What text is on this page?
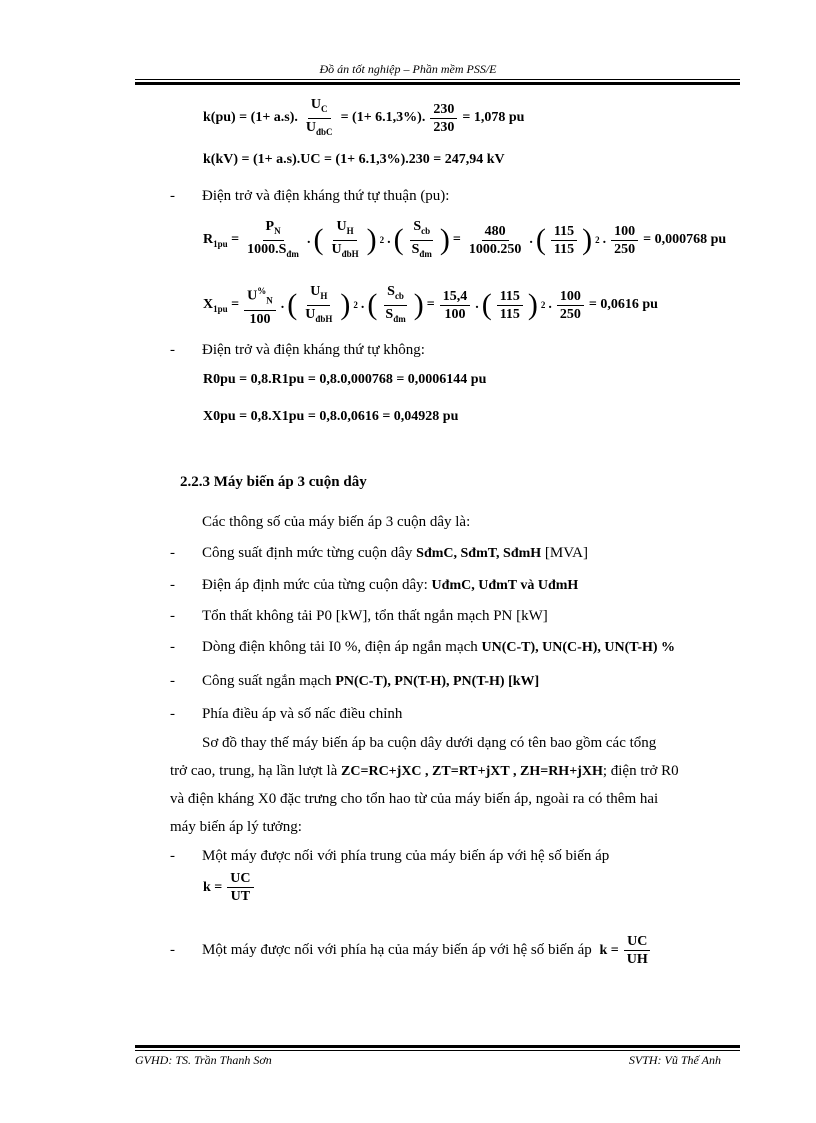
Đồ án tốt nghiệp – Phần mềm PSS/E
k(pu) = (1+ a.s). $\frac{U_C}{U_{đbC}} = (1+ 6.1,3\%)$. $\frac{230}{230} = 1,078$ pu
k(kV) = (1+ a.s).UC = (1+ 6.1,3%).230 = 247,94 kV
- Điện trở và điện kháng thứ tự thuận (pu):
$R_{1pu} = \frac{P_N}{1000.S_{đm}}$ . ( $\frac{U_H}{U_{đbH}}$ ) 2 . ( $\frac{S_{cb}}{S_{đm}}$ ) = $\frac{480}{1000.250}$ . ( $\frac{115}{115}$ ) 2 . $\frac{100}{250} = 0,000768$ pu
$X_{1pu} = \frac{U^{\%}_N}{100}$ . ( $\frac{U_H}{U_{đbH}}$ ) 2 . ( $\frac{S_{cb}}{S_{đm}}$ ) = $\frac{15,4}{100}$ . ( $\frac{115}{115}$ ) 2 . $\frac{100}{250} = 0,0616$ pu
- Điện trở và điện kháng thứ tự không:
R0pu = 0,8.R1pu = 0,8.0,000768 = 0,0006144 pu
X0pu = 0,8.X1pu = 0,8.0,0616 = 0,04928 pu
2.2.3 Máy biến áp 3 cuộn dây
Các thông số của máy biến áp 3 cuộn dây là:
- Công suất định mức từng cuộn dây SđmC, SđmT, SđmH [MVA]
- Điện áp định mức của từng cuộn dây: UđmC, UđmT và UđmH
- Tổn thất không tải P0 [kW], tổn thất ngắn mạch PN [kW]
- Dòng điện không tải I0 %, điện áp ngắn mạch UN(C-T), UN(C-H), UN(T-H) %
- Công suất ngắn mạch PN(C-T), PN(T-H), PN(T-H) [kW]
- Phía điều áp và số nấc điều chỉnh
Sơ đồ thay thế máy biến áp ba cuộn dây dưới dạng có tên bao gồm các tổng
trở cao, trung, hạ lần lượt là ZC=RC+jXC , ZT=RT+jXT , ZH=RH+jXH; điện trở R0
và điện kháng X0 đặc trưng cho tổn hao từ của máy biến áp, ngoài ra có thêm hai
máy biến áp lý tưởng:
- Một máy được nối với phía trung của máy biến áp với hệ số biến áp
$k = \frac{UC}{UT}$
- Một máy được nối với phía hạ của máy biến áp với hệ số biến áp $k = \frac{UC}{UH}$
GVHD: TS. Trần Thanh Sơn	SVTH: Vũ Thế Anh
